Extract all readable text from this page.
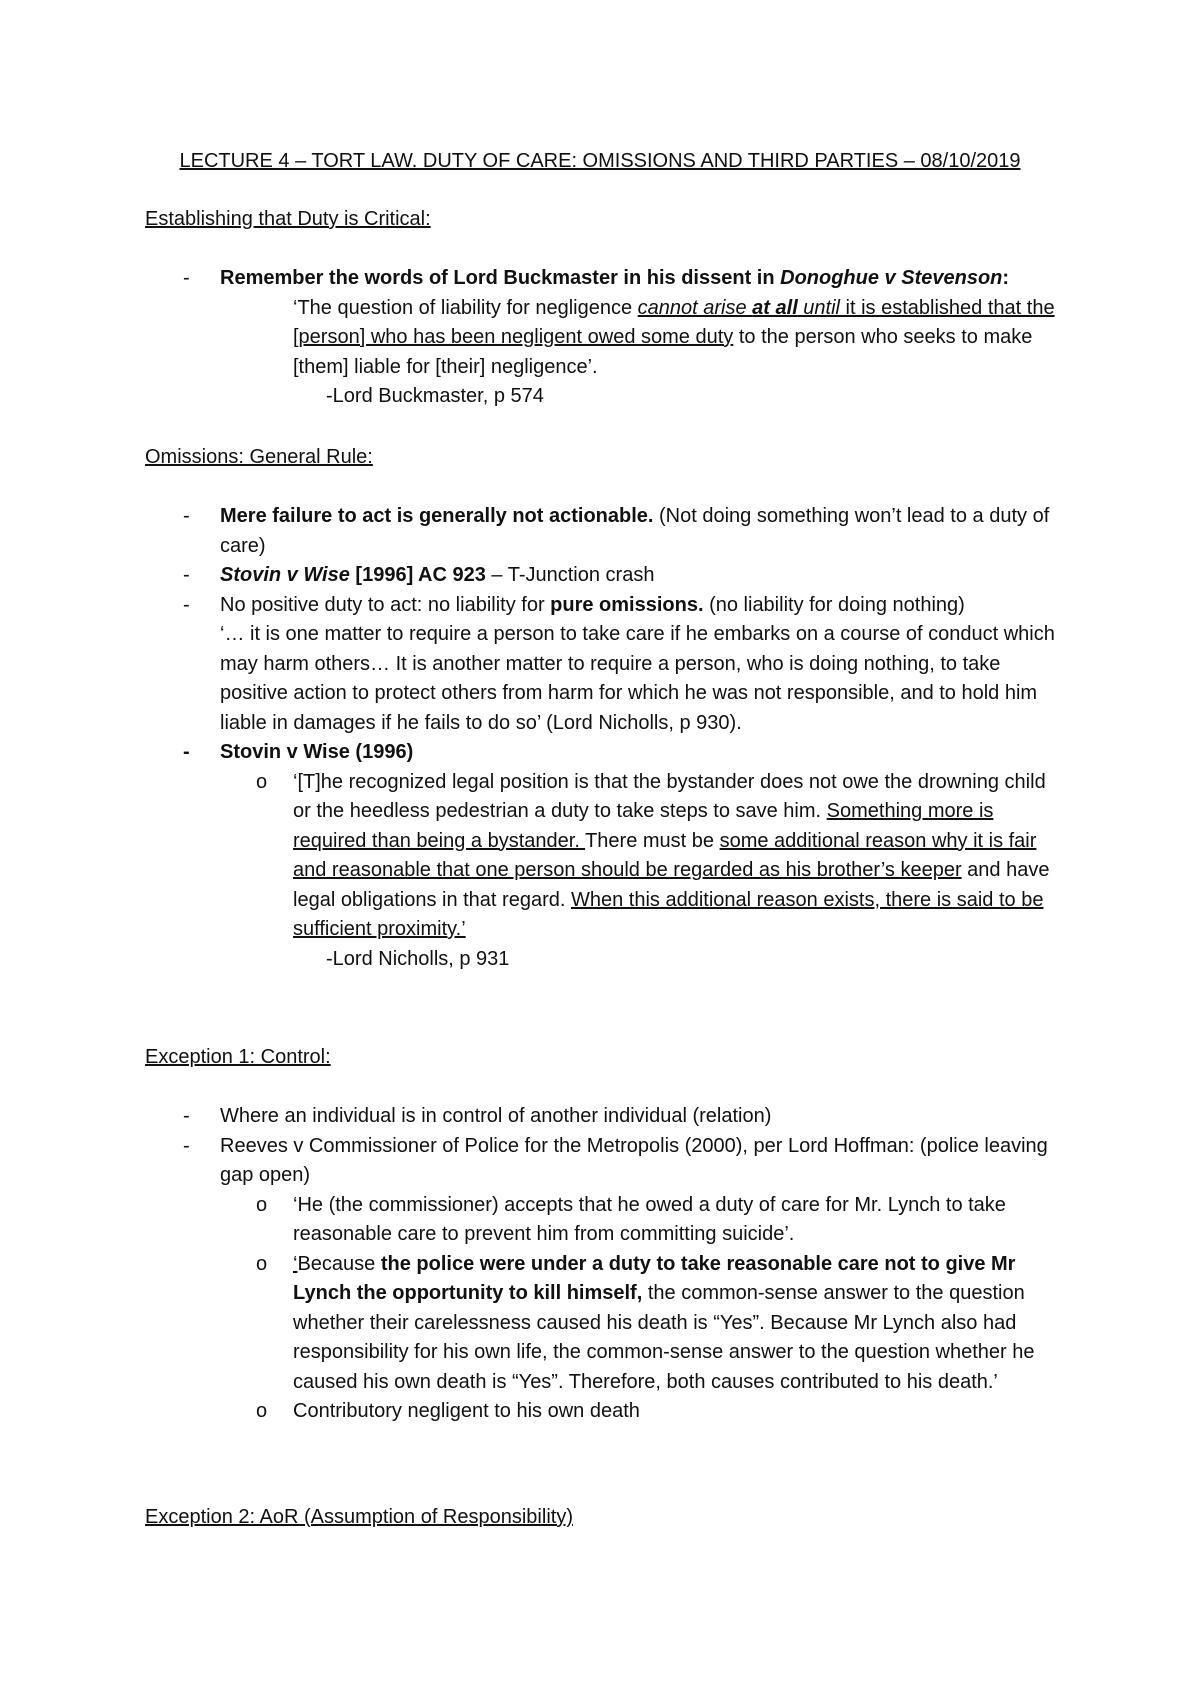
LECTURE 4 – TORT LAW. DUTY OF CARE: OMISSIONS AND THIRD PARTIES – 08/10/2019
Establishing that Duty is Critical:
- Remember the words of Lord Buckmaster in his dissent in Donoghue v Stevenson:
‘The question of liability for negligence cannot arise at all until it is established that the [person] who has been negligent owed some duty to the person who seeks to make [them] liable for [their] negligence’.
-Lord Buckmaster, p 574
Omissions: General Rule:
- Mere failure to act is generally not actionable. (Not doing something won’t lead to a duty of care)
- Stovin v Wise [1996] AC 923 – T-Junction crash
- No positive duty to act: no liability for pure omissions. (no liability for doing nothing)
‘… it is one matter to require a person to take care if he embarks on a course of conduct which may harm others… It is another matter to require a person, who is doing nothing, to take positive action to protect others from harm for which he was not responsible, and to hold him liable in damages if he fails to do so’ (Lord Nicholls, p 930).
- Stovin v Wise (1996)
o ‘[T]he recognized legal position is that the bystander does not owe the drowning child or the heedless pedestrian a duty to take steps to save him. Something more is required than being a bystander. There must be some additional reason why it is fair and reasonable that one person should be regarded as his brother’s keeper and have legal obligations in that regard. When this additional reason exists, there is said to be sufficient proximity.’
-Lord Nicholls, p 931
Exception 1: Control:
- Where an individual is in control of another individual (relation)
- Reeves v Commissioner of Police for the Metropolis (2000), per Lord Hoffman: (police leaving gap open)
o ‘He (the commissioner) accepts that he owed a duty of care for Mr. Lynch to take reasonable care to prevent him from committing suicide’.
o ‘Because the police were under a duty to take reasonable care not to give Mr Lynch the opportunity to kill himself, the common-sense answer to the question whether their carelessness caused his death is “Yes”. Because Mr Lynch also had responsibility for his own life, the common-sense answer to the question whether he caused his own death is “Yes”. Therefore, both causes contributed to his death.’
o Contributory negligent to his own death
Exception 2: AoR (Assumption of Responsibility)
